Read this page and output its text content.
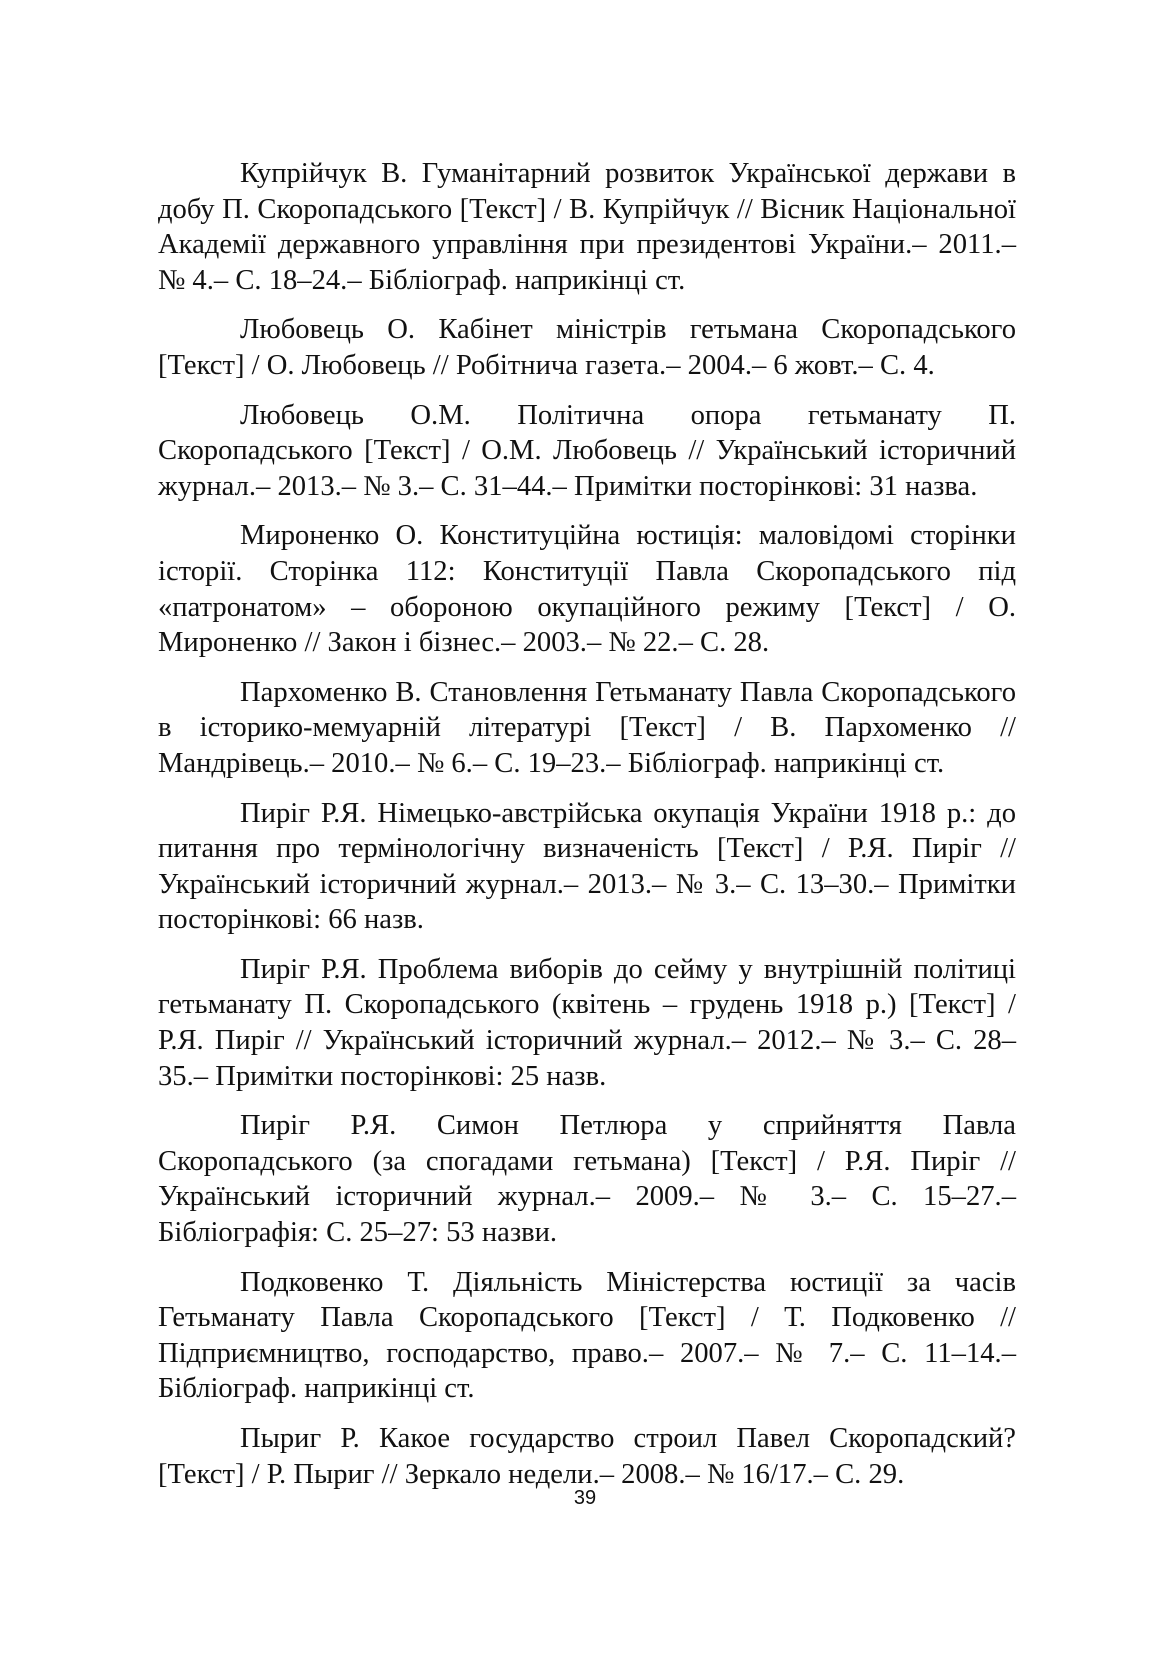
Купрійчук В. Гуманітарний розвиток Української держави в добу П. Скоропадського [Текст] / В. Купрійчук // Вісник Національної Академії державного управління при президентові України.– 2011.– № 4.– С. 18–24.– Бібліограф. наприкінці ст.

Любовець О. Кабінет міністрів гетьмана Скоропадського [Текст] / О. Любовець // Робітнича газета.– 2004.– 6 жовт.– С. 4.

Любовець О.М. Політична опора гетьманату П. Скоропадського [Текст] / О.М. Любовець // Український історичний журнал.– 2013.– № 3.– С. 31–44.– Примітки посторінкові: 31 назва.

Мироненко О. Конституційна юстиція: маловідомі сторінки історії. Сторінка 112: Конституції Павла Скоропадського під «патронатом» – обороною окупаційного режиму [Текст] / О. Мироненко // Закон і бізнес.– 2003.– № 22.– С. 28.

Пархоменко В. Становлення Гетьманату Павла Скоропадського в історико-мемуарній літературі [Текст] / В. Пархоменко // Мандрівець.– 2010.– № 6.– С. 19–23.– Бібліограф. наприкінці ст.

Пиріг Р.Я. Німецько-австрійська окупація України 1918 р.: до питання про термінологічну визначеність [Текст] / Р.Я. Пиріг // Український історичний журнал.– 2013.– № 3.– С. 13–30.– Примітки посторінкові: 66 назв.

Пиріг Р.Я. Проблема виборів до сейму у внутрішній політиці гетьманату П. Скоропадського (квітень – грудень 1918 р.) [Текст] / Р.Я. Пиріг // Український історичний журнал.– 2012.– № 3.– С. 28–35.– Примітки посторінкові: 25 назв.

Пиріг Р.Я. Симон Петлюра у сприйняття Павла Скоропадського (за спогадами гетьмана) [Текст] / Р.Я. Пиріг // Український історичний журнал.– 2009.– № 3.– С. 15–27.– Бібліографія: С. 25–27: 53 назви.

Подковенко Т. Діяльність Міністерства юстиції за часів Гетьманату Павла Скоропадського [Текст] / Т. Подковенко // Підприємництво, господарство, право.– 2007.– № 7.– С. 11–14.– Бібліограф. наприкінці ст.

Пыриг Р. Какое государство строил Павел Скоропадский? [Текст] / Р. Пыриг // Зеркало недели.– 2008.– № 16/17.– С. 29.

39
